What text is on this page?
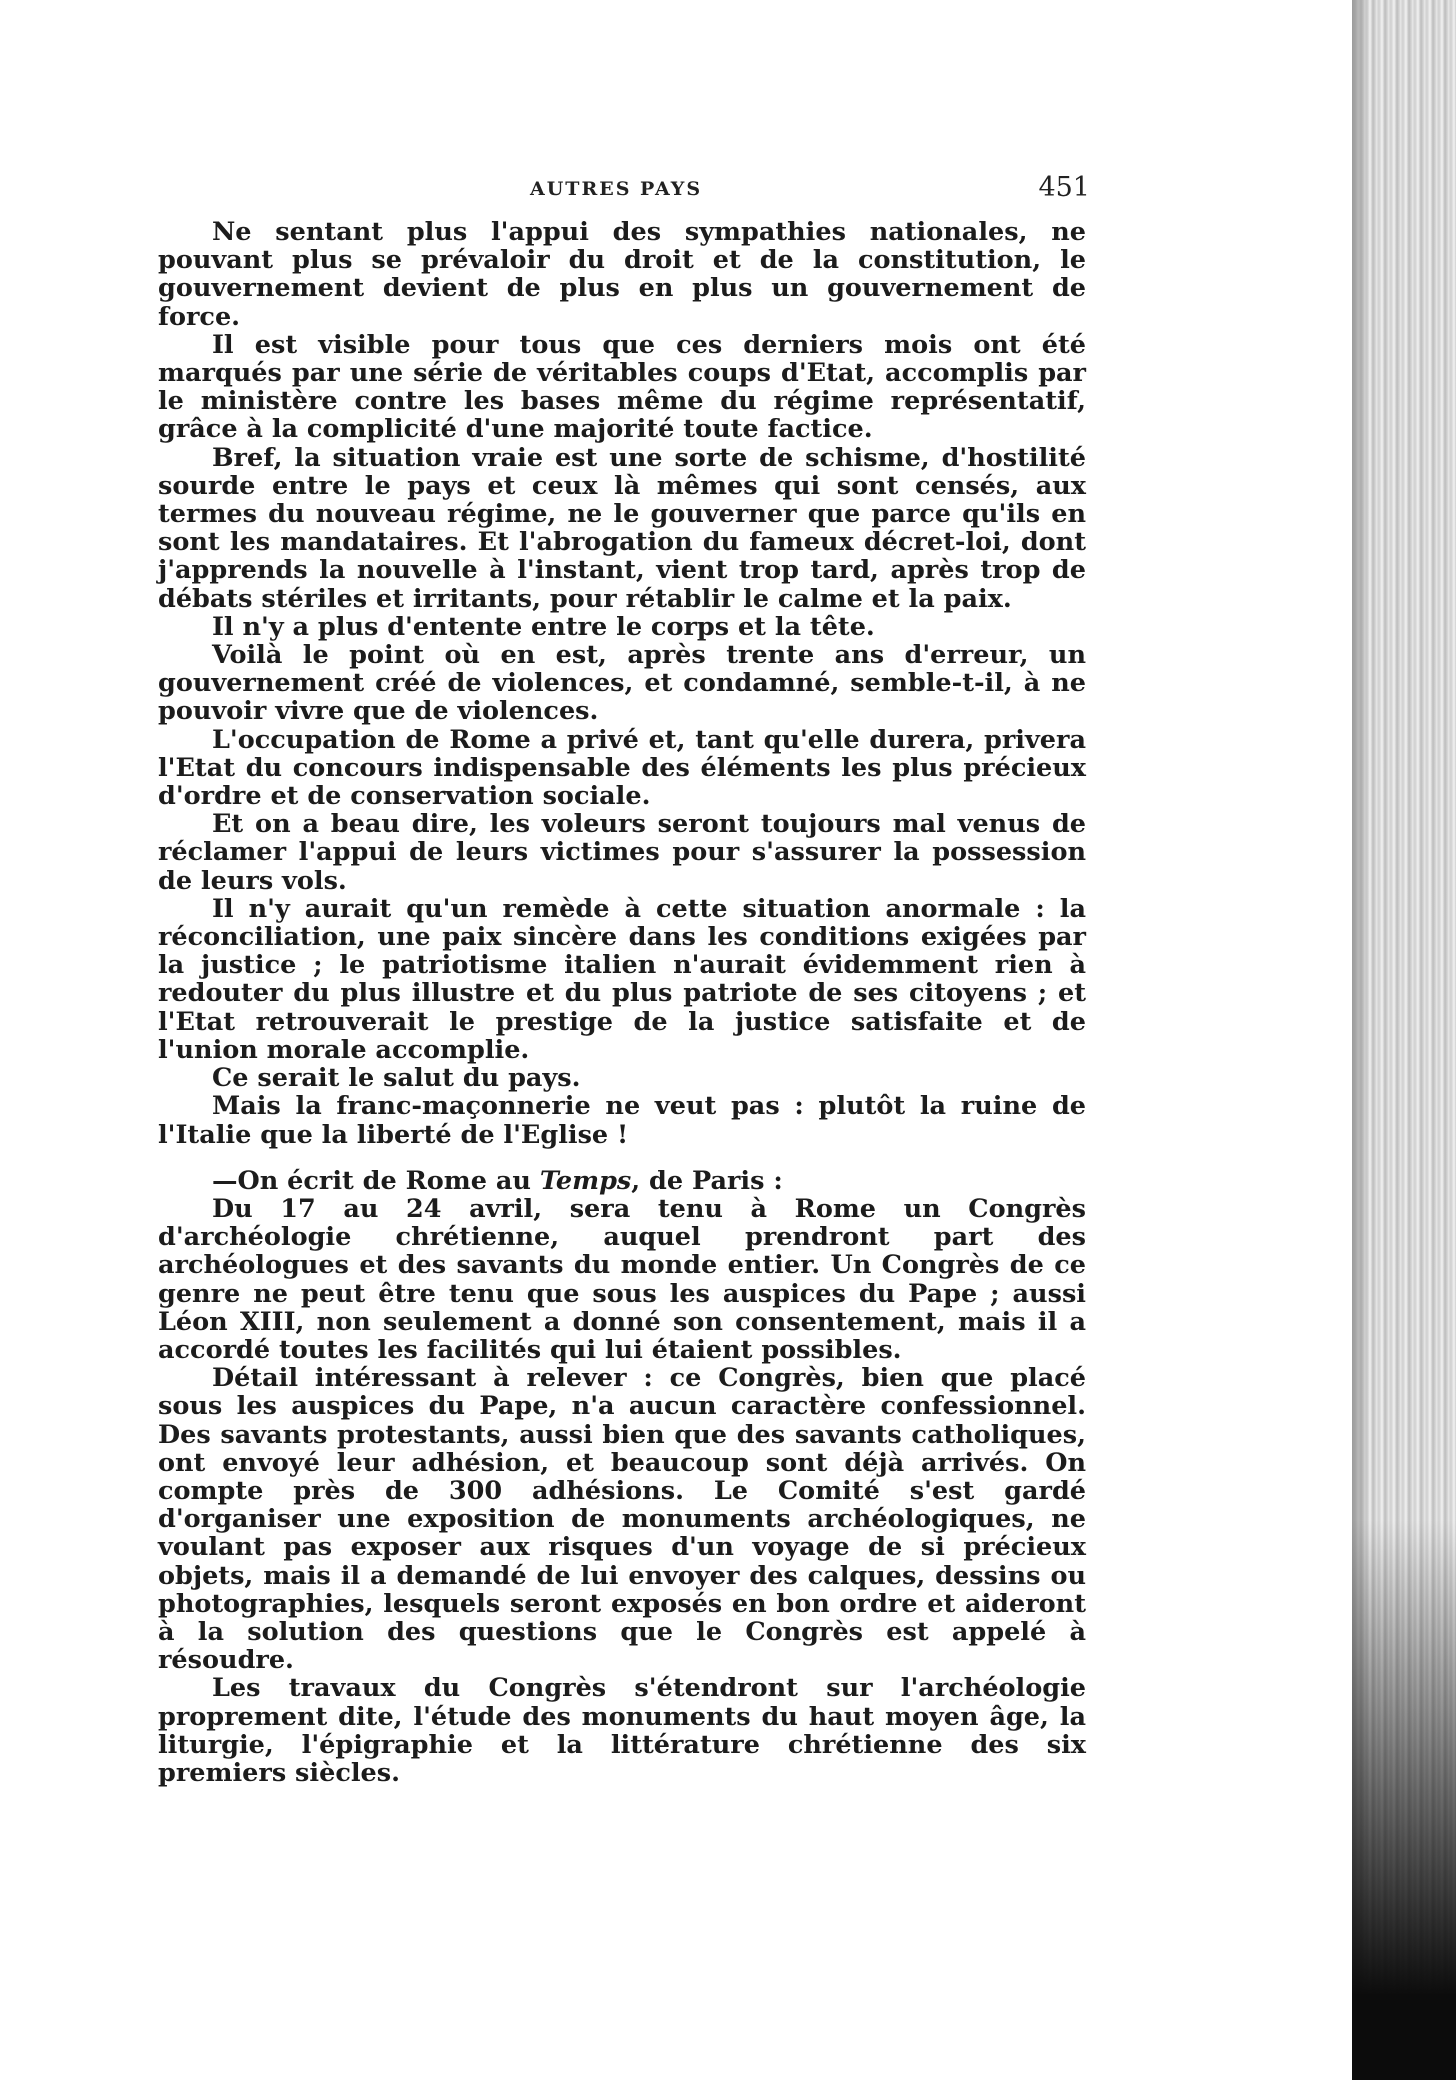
AUTRES PAYS	451

Ne sentant plus l'appui des sympathies nationales, ne pouvant plus se prévaloir du droit et de la constitution, le gouvernement devient de plus en plus un gouvernement de force.

Il est visible pour tous que ces derniers mois ont été marqués par une série de véritables coups d'Etat, accomplis par le ministère contre les bases même du régime représentatif, grâce à la complicité d'une majorité toute factice.

Bref, la situation vraie est une sorte de schisme, d'hostilité sourde entre le pays et ceux là mêmes qui sont censés, aux termes du nouveau régime, ne le gouverner que parce qu'ils en sont les mandataires. Et l'abrogation du fameux décret-loi, dont j'apprends la nouvelle à l'instant, vient trop tard, après trop de débats stériles et irritants, pour rétablir le calme et la paix.

Il n'y a plus d'entente entre le corps et la tête.

Voilà le point où en est, après trente ans d'erreur, un gouvernement créé de violences, et condamné, semble-t-il, à ne pouvoir vivre que de violences.

L'occupation de Rome a privé et, tant qu'elle durera, privera l'Etat du concours indispensable des éléments les plus précieux d'ordre et de conservation sociale.

Et on a beau dire, les voleurs seront toujours mal venus de réclamer l'appui de leurs victimes pour s'assurer la possession de leurs vols.

Il n'y aurait qu'un remède à cette situation anormale : la réconciliation, une paix sincère dans les conditions exigées par la justice ; le patriotisme italien n'aurait évidemment rien à redouter du plus illustre et du plus patriote de ses citoyens ; et l'Etat retrouverait le prestige de la justice satisfaite et de l'union morale accomplie.

Ce serait le salut du pays.

Mais la franc-maçonnerie ne veut pas : plutôt la ruine de l'Italie que la liberté de l'Eglise !

—On écrit de Rome au Temps, de Paris :

Du 17 au 24 avril, sera tenu à Rome un Congrès d'archéologie chrétienne, auquel prendront part des archéologues et des savants du monde entier. Un Congrès de ce genre ne peut être tenu que sous les auspices du Pape ; aussi Léon XIII, non seulement a donné son consentement, mais il a accordé toutes les facilités qui lui étaient possibles.

Détail intéressant à relever : ce Congrès, bien que placé sous les auspices du Pape, n'a aucun caractère confessionnel. Des savants protestants, aussi bien que des savants catholiques, ont envoyé leur adhésion, et beaucoup sont déjà arrivés. On compte près de 300 adhésions. Le Comité s'est gardé d'organiser une exposition de monuments archéologiques, ne voulant pas exposer aux risques d'un voyage de si précieux objets, mais il a demandé de lui envoyer des calques, dessins ou photographies, lesquels seront exposés en bon ordre et aideront à la solution des questions que le Congrès est appelé à résoudre.

Les travaux du Congrès s'étendront sur l'archéologie proprement dite, l'étude des monuments du haut moyen âge, la liturgie, l'épigraphie et la littérature chrétienne des six premiers siècles.
